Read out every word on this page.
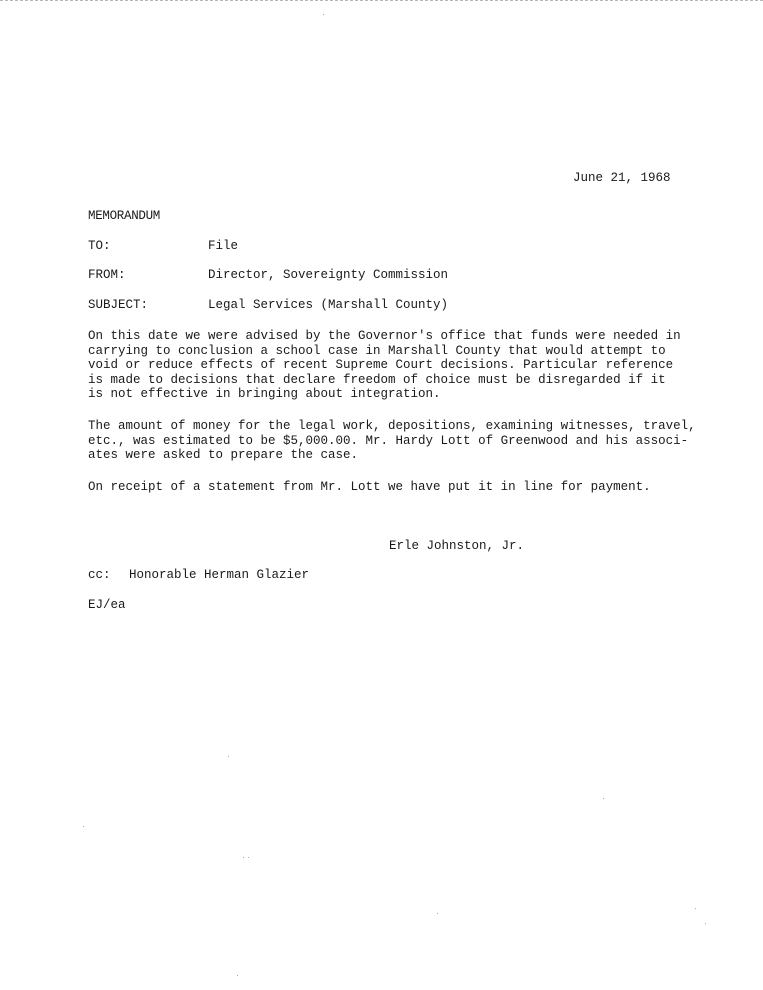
June 21, 1968
MEMORANDUM
TO:	File
FROM:	Director, Sovereignty Commission
SUBJECT:	Legal Services (Marshall County)
On this date we were advised by the Governor's office that funds were needed in
carrying to conclusion a school case in Marshall County that would attempt to
void or reduce effects of recent Supreme Court decisions. Particular reference
is made to decisions that declare freedom of choice must be disregarded if it
is not effective in bringing about integration.
The amount of money for the legal work, depositions, examining witnesses, travel,
etc., was estimated to be $5,000.00. Mr. Hardy Lott of Greenwood and his associ-
ates were asked to prepare the case.
On receipt of a statement from Mr. Lott we have put it in line for payment.
Erle Johnston, Jr.
cc: Honorable Herman Glazier
EJ/ea
